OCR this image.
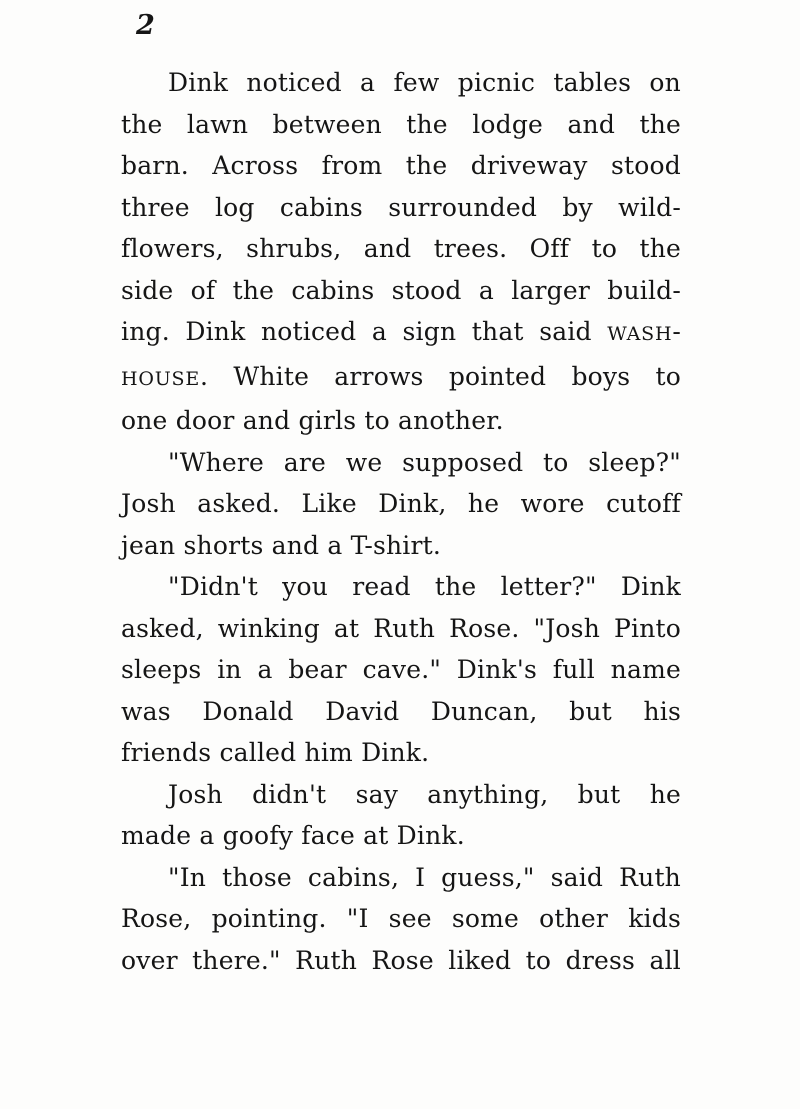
2
Dink noticed a few picnic tables on
the lawn between the lodge and the
barn. Across from the driveway stood
three log cabins surrounded by wild-
flowers, shrubs, and trees. Off to the
side of the cabins stood a larger build-
ing. Dink noticed a sign that said WASH-
HOUSE. White arrows pointed boys to
one door and girls to another.
"Where are we supposed to sleep?"
Josh asked. Like Dink, he wore cutoff
jean shorts and a T-shirt.
"Didn't you read the letter?" Dink
asked, winking at Ruth Rose. "Josh Pinto
sleeps in a bear cave." Dink's full name
was Donald David Duncan, but his
friends called him Dink.
Josh didn't say anything, but he
made a goofy face at Dink.
"In those cabins, I guess," said Ruth
Rose, pointing. "I see some other kids
over there." Ruth Rose liked to dress all
